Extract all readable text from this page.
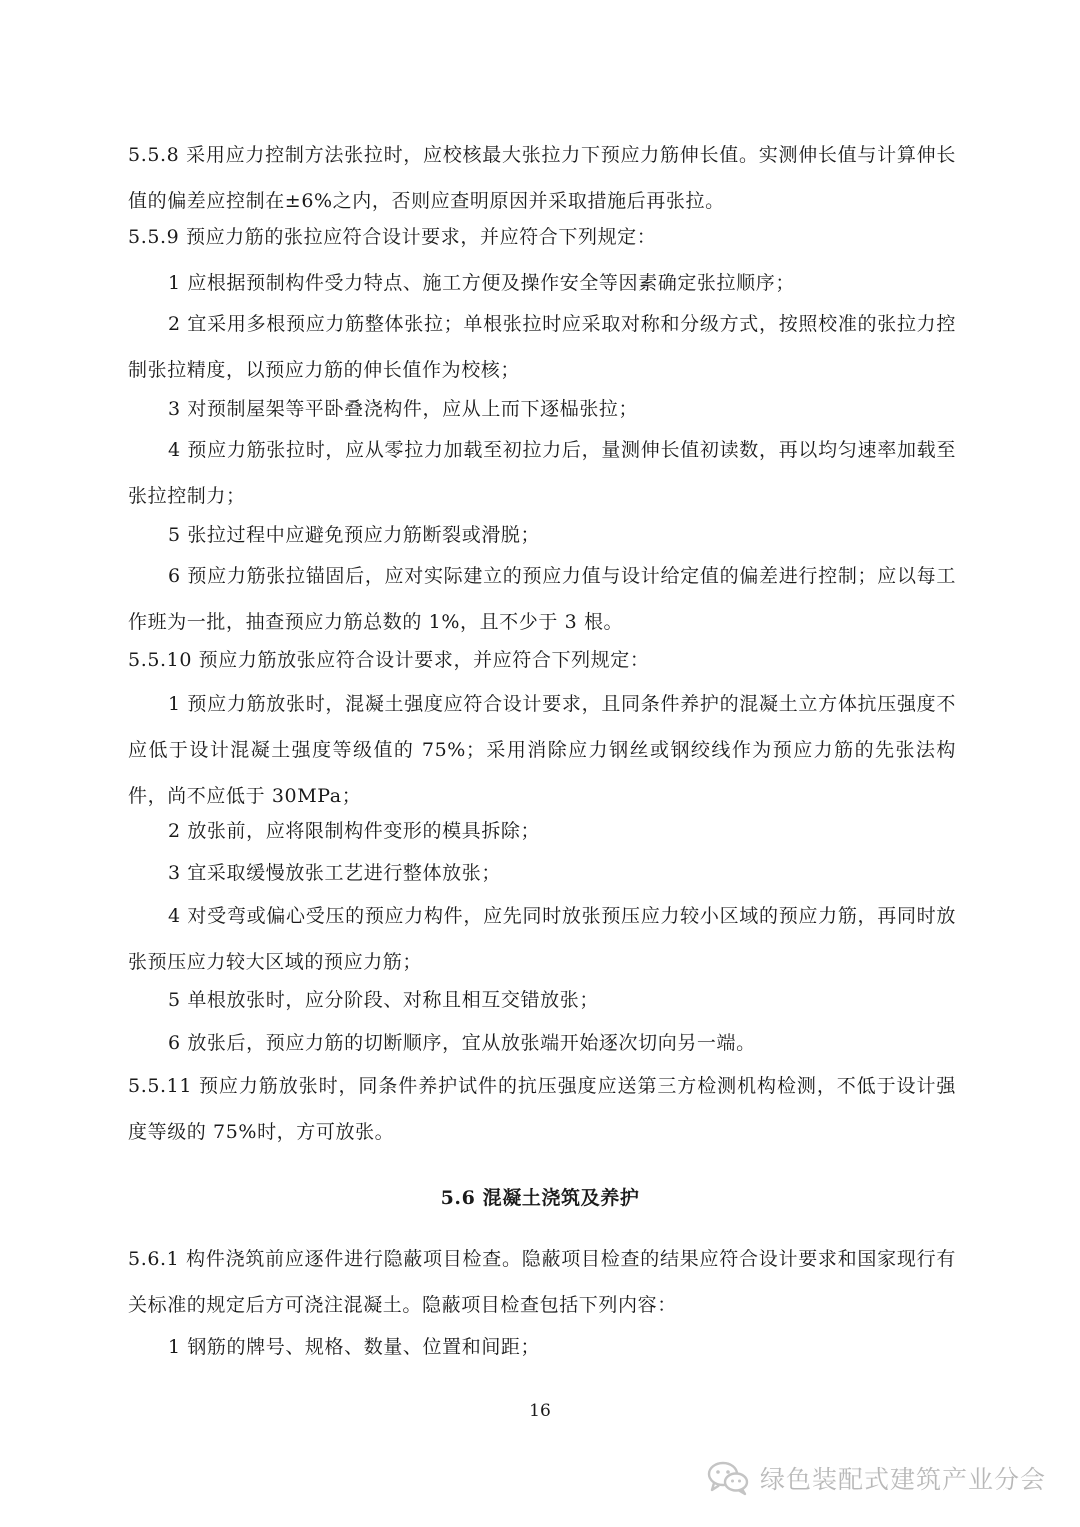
5.5.8 采用应力控制方法张拉时，应校核最大张拉力下预应力筋伸长值。实测伸长值与计算伸长值的偏差应控制在±6%之内，否则应查明原因并采取措施后再张拉。

5.5.9 预应力筋的张拉应符合设计要求，并应符合下列规定：

1 应根据预制构件受力特点、施工方便及操作安全等因素确定张拉顺序；

2 宜采用多根预应力筋整体张拉；单根张拉时应采取对称和分级方式，按照校准的张拉力控制张拉精度，以预应力筋的伸长值作为校核；

3 对预制屋架等平卧叠浇构件，应从上而下逐榀张拉；

4 预应力筋张拉时，应从零拉力加载至初拉力后，量测伸长值初读数，再以均匀速率加载至张拉控制力；

5 张拉过程中应避免预应力筋断裂或滑脱；

6 预应力筋张拉锚固后，应对实际建立的预应力值与设计给定值的偏差进行控制；应以每工作班为一批，抽查预应力筋总数的 1%，且不少于 3 根。

5.5.10 预应力筋放张应符合设计要求，并应符合下列规定：

1 预应力筋放张时，混凝土强度应符合设计要求，且同条件养护的混凝土立方体抗压强度不应低于设计混凝土强度等级值的 75%；采用消除应力钢丝或钢绞线作为预应力筋的先张法构件，尚不应低于 30MPa；

2 放张前，应将限制构件变形的模具拆除；

3 宜采取缓慢放张工艺进行整体放张；

4 对受弯或偏心受压的预应力构件，应先同时放张预压应力较小区域的预应力筋，再同时放张预压应力较大区域的预应力筋；

5 单根放张时，应分阶段、对称且相互交错放张；

6 放张后，预应力筋的切断顺序，宜从放张端开始逐次切向另一端。

5.5.11 预应力筋放张时，同条件养护试件的抗压强度应送第三方检测机构检测，不低于设计强度等级的 75%时，方可放张。

5.6 混凝土浇筑及养护

5.6.1 构件浇筑前应逐件进行隐蔽项目检查。隐蔽项目检查的结果应符合设计要求和国家现行有关标准的规定后方可浇注混凝土。隐蔽项目检查包括下列内容：

1 钢筋的牌号、规格、数量、位置和间距；

16
绿色装配式建筑产业分会
